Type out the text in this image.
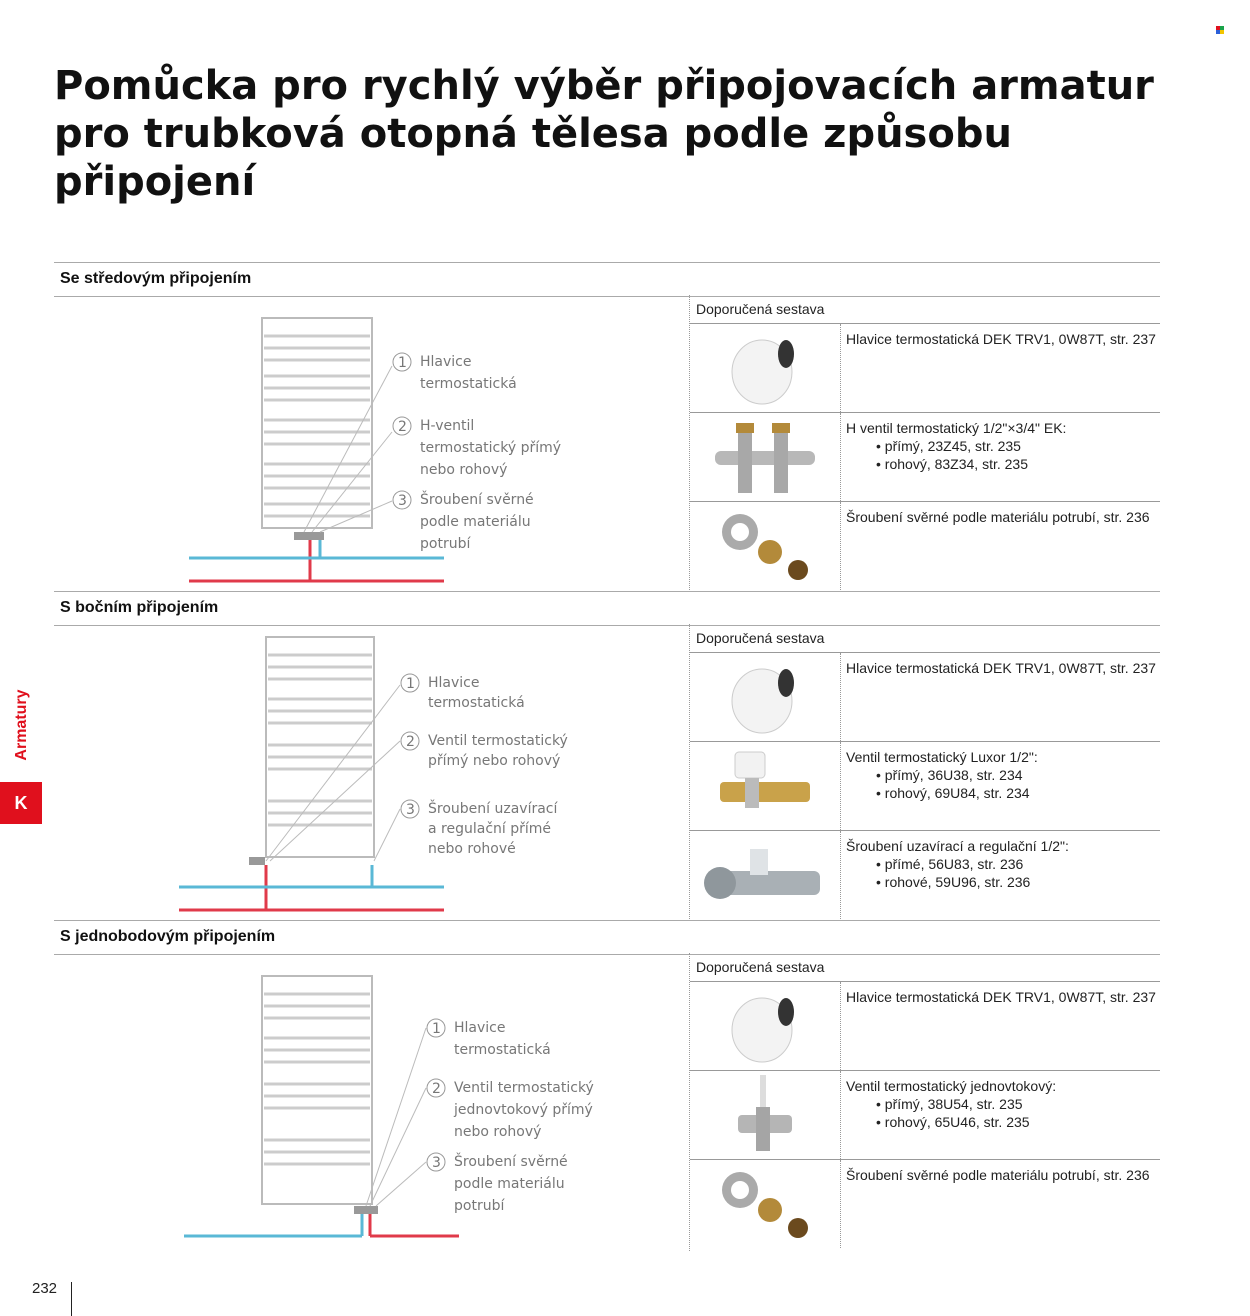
Pomůcka pro rychlý výběr připojovacích armatur pro trubková otopná tělesa podle způsobu připojení
Armatury
K
Se středovým připojením
1 Hlavice
termostatická
2 H-ventil
termostatický přímý
nebo rohový
3 Šroubení svěrné
podle materiálu
potrubí
Doporučená sestava
Hlavice termostatická DEK TRV1, 0W87T, str. 237
H ventil termostatický 1/2"×3/4" EK:
• přímý, 23Z45, str. 235
• rohový, 83Z34, str. 235
Šroubení svěrné podle materiálu potrubí, str. 236
S bočním připojením
1 Hlavice
termostatická
2 Ventil termostatický
přímý nebo rohový
3 Šroubení uzavírací
a regulační přímé
nebo rohové
Doporučená sestava
Hlavice termostatická DEK TRV1, 0W87T, str. 237
Ventil termostatický Luxor 1/2":
• přímý, 36U38, str. 234
• rohový, 69U84, str. 234
Šroubení uzavírací a regulační 1/2":
• přímé, 56U83, str. 236
• rohové, 59U96, str. 236
S jednobodovým připojením
1 Hlavice
termostatická
2 Ventil termostatický
jednovtokový přímý
nebo rohový
3 Šroubení svěrné
podle materiálu
potrubí
Doporučená sestava
Hlavice termostatická DEK TRV1, 0W87T, str. 237
Ventil termostatický jednovtokový:
• přímý, 38U54, str. 235
• rohový, 65U46, str. 235
Šroubení svěrné podle materiálu potrubí, str. 236
232
